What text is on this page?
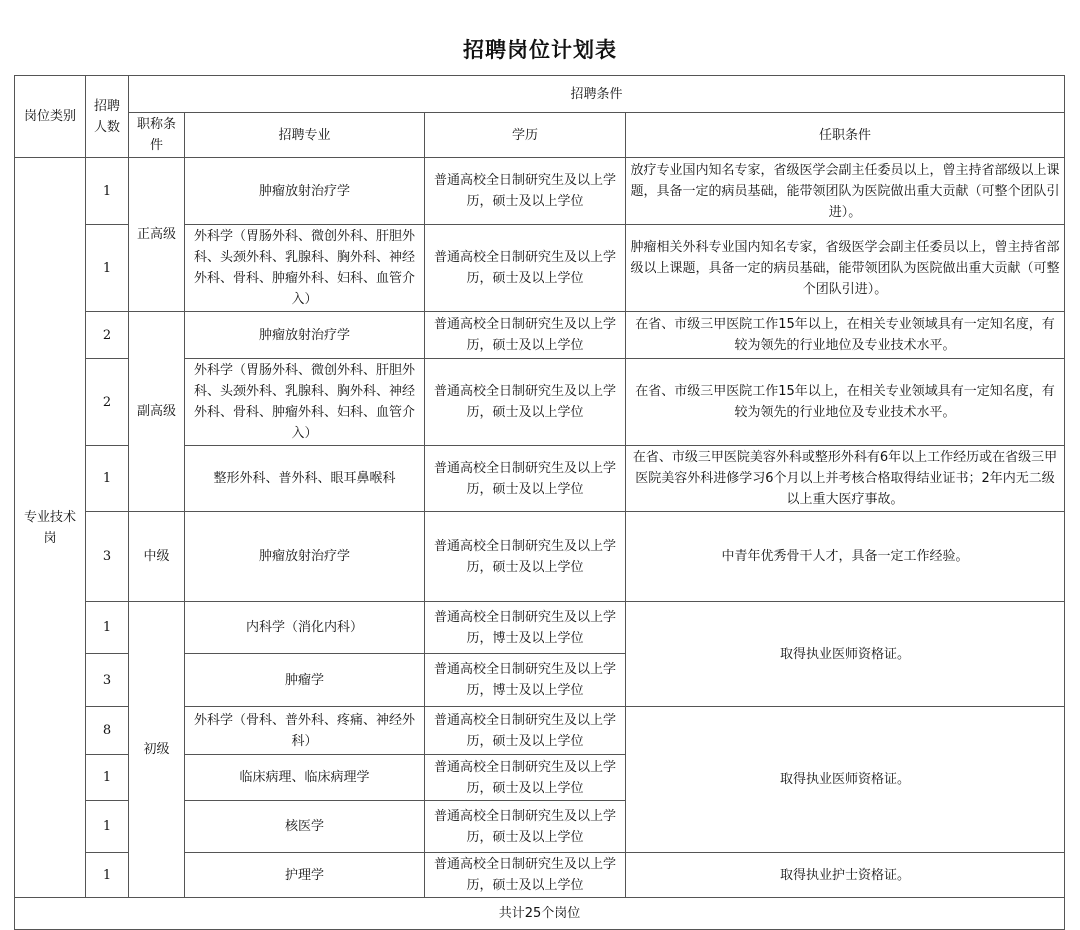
招聘岗位计划表
岗位类别	招聘人数	招聘条件			
		职称条件	招聘专业	学历	任职条件
专业技术岗	1	正高级	肿瘤放射治疗学	普通高校全日制研究生及以上学历，硕士及以上学位	放疗专业国内知名专家，省级医学会副主任委员以上，曾主持省部级以上课题，具备一定的病员基础，能带领团队为医院做出重大贡献（可整个团队引进）。
	1		外科学（胃肠外科、微创外科、肝胆外科、头颈外科、乳腺科、胸外科、神经外科、骨科、肿瘤外科、妇科、血管介入）	普通高校全日制研究生及以上学历，硕士及以上学位	肿瘤相关外科专业国内知名专家，省级医学会副主任委员以上，曾主持省部级以上课题，具备一定的病员基础，能带领团队为医院做出重大贡献（可整个团队引进）。
	2	副高级	肿瘤放射治疗学	普通高校全日制研究生及以上学历，硕士及以上学位	在省、市级三甲医院工作15年以上，在相关专业领域具有一定知名度，有较为领先的行业地位及专业技术水平。
	2		外科学（胃肠外科、微创外科、肝胆外科、头颈外科、乳腺科、胸外科、神经外科、骨科、肿瘤外科、妇科、血管介入）	普通高校全日制研究生及以上学历，硕士及以上学位	在省、市级三甲医院工作15年以上，在相关专业领域具有一定知名度，有较为领先的行业地位及专业技术水平。
	1		整形外科、普外科、眼耳鼻喉科	普通高校全日制研究生及以上学历，硕士及以上学位	在省、市级三甲医院美容外科或整形外科有6年以上工作经历或在省级三甲医院美容外科进修学习6个月以上并考核合格取得结业证书；2年内无二级以上重大医疗事故。
	3	中级	肿瘤放射治疗学	普通高校全日制研究生及以上学历，硕士及以上学位	中青年优秀骨干人才，具备一定工作经验。
	1	初级	内科学（消化内科）	普通高校全日制研究生及以上学历，博士及以上学位	取得执业医师资格证。
	3		肿瘤学	普通高校全日制研究生及以上学历，博士及以上学位	
	8		外科学（骨科、普外科、疼痛、神经外科）	普通高校全日制研究生及以上学历，硕士及以上学位	取得执业医师资格证。
	1		临床病理、临床病理学	普通高校全日制研究生及以上学历，硕士及以上学位	
	1		核医学	普通高校全日制研究生及以上学历，硕士及以上学位	
	1		护理学	普通高校全日制研究生及以上学历，硕士及以上学位	取得执业护士资格证。
共计25个岗位					
